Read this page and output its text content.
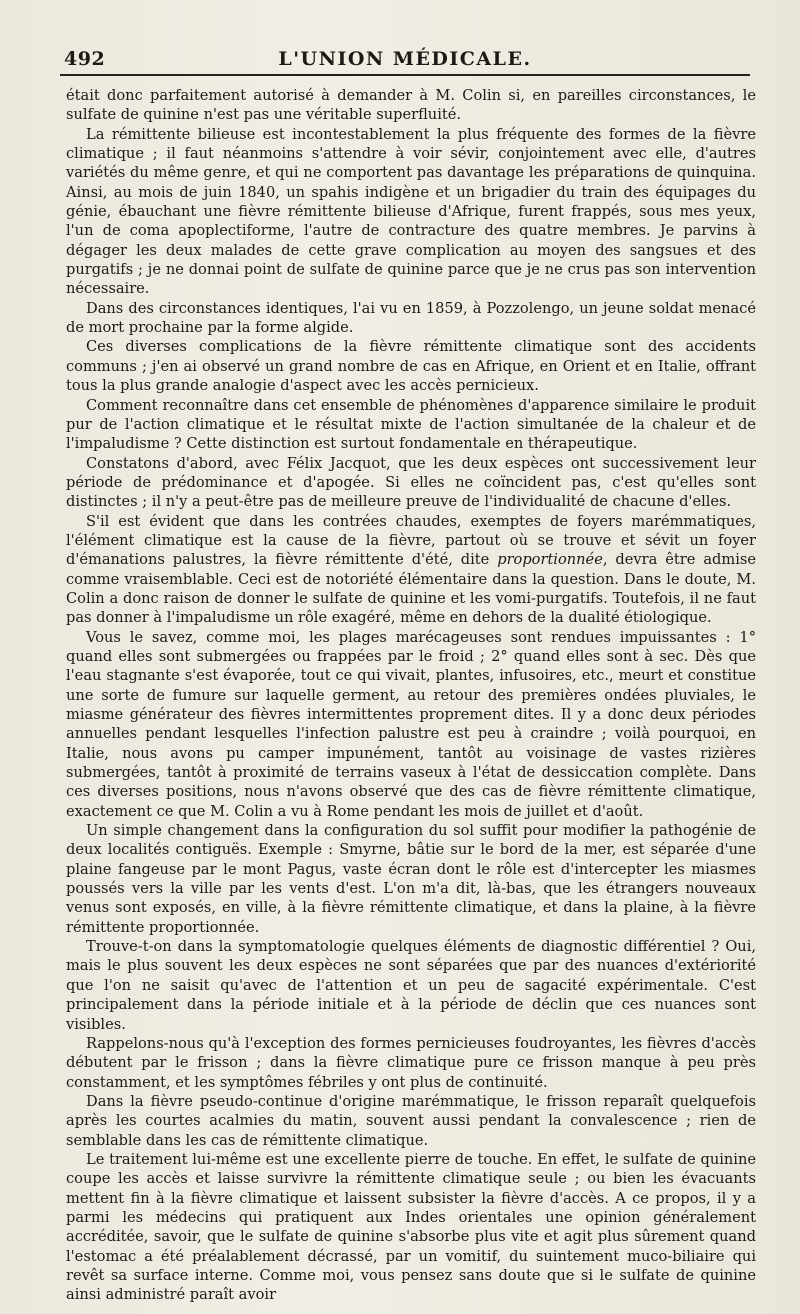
492	L'UNION MÉDICALE.

était donc parfaitement autorisé à demander à M. Colin si, en pareilles circonstances, le sulfate de quinine n'est pas une véritable superfluité.

La rémittente bilieuse est incontestablement la plus fréquente des formes de la fièvre climatique ; il faut néanmoins s'attendre à voir sévir, conjointement avec elle, d'autres variétés du même genre, et qui ne comportent pas davantage les préparations de quinquina. Ainsi, au mois de juin 1840, un spahis indigène et un brigadier du train des équipages du génie, ébauchant une fièvre rémittente bilieuse d'Afrique, furent frappés, sous mes yeux, l'un de coma apoplectiforme, l'autre de contracture des quatre membres. Je parvins à dégager les deux malades de cette grave complication au moyen des sangsues et des purgatifs ; je ne donnai point de sulfate de quinine parce que je ne crus pas son intervention nécessaire.

Dans des circonstances identiques, l'ai vu en 1859, à Pozzolengo, un jeune soldat menacé de mort prochaine par la forme algide.

Ces diverses complications de la fièvre rémittente climatique sont des accidents communs ; j'en ai observé un grand nombre de cas en Afrique, en Orient et en Italie, offrant tous la plus grande analogie d'aspect avec les accès pernicieux.

Comment reconnaître dans cet ensemble de phénomènes d'apparence similaire le produit pur de l'action climatique et le résultat mixte de l'action simultanée de la chaleur et de l'impaludisme ? Cette distinction est surtout fondamentale en thérapeutique.

Constatons d'abord, avec Félix Jacquot, que les deux espèces ont successivement leur période de prédominance et d'apogée. Si elles ne coïncident pas, c'est qu'elles sont distinctes ; il n'y a peut-être pas de meilleure preuve de l'individualité de chacune d'elles.

S'il est évident que dans les contrées chaudes, exemptes de foyers marémmatiques, l'élément climatique est la cause de la fièvre, partout où se trouve et sévit un foyer d'émanations palustres, la fièvre rémittente d'été, dite proportionnée, devra être admise comme vraisemblable. Ceci est de notoriété élémentaire dans la question. Dans le doute, M. Colin a donc raison de donner le sulfate de quinine et les vomi-purgatifs. Toutefois, il ne faut pas donner à l'impaludisme un rôle exagéré, même en dehors de la dualité étiologique.

Vous le savez, comme moi, les plages marécageuses sont rendues impuissantes : 1° quand elles sont submergées ou frappées par le froid ; 2° quand elles sont à sec. Dès que l'eau stagnante s'est évaporée, tout ce qui vivait, plantes, infusoires, etc., meurt et constitue une sorte de fumure sur laquelle germent, au retour des premières ondées pluviales, le miasme générateur des fièvres intermittentes proprement dites. Il y a donc deux périodes annuelles pendant lesquelles l'infection palustre est peu à craindre ; voilà pourquoi, en Italie, nous avons pu camper impunément, tantôt au voisinage de vastes rizières submergées, tantôt à proximité de terrains vaseux à l'état de dessiccation complète. Dans ces diverses positions, nous n'avons observé que des cas de fièvre rémittente climatique, exactement ce que M. Colin a vu à Rome pendant les mois de juillet et d'août.

Un simple changement dans la configuration du sol suffit pour modifier la pathogénie de deux localités contiguës. Exemple : Smyrne, bâtie sur le bord de la mer, est séparée d'une plaine fangeuse par le mont Pagus, vaste écran dont le rôle est d'intercepter les miasmes poussés vers la ville par les vents d'est. L'on m'a dit, là-bas, que les étrangers nouveaux venus sont exposés, en ville, à la fièvre rémittente climatique, et dans la plaine, à la fièvre rémittente proportionnée.

Trouve-t-on dans la symptomatologie quelques éléments de diagnostic différentiel ? Oui, mais le plus souvent les deux espèces ne sont séparées que par des nuances d'extériorité que l'on ne saisit qu'avec de l'attention et un peu de sagacité expérimentale. C'est principalement dans la période initiale et à la période de déclin que ces nuances sont visibles.

Rappelons-nous qu'à l'exception des formes pernicieuses foudroyantes, les fièvres d'accès débutent par le frisson ; dans la fièvre climatique pure ce frisson manque à peu près constamment, et les symptômes fébriles y ont plus de continuité.

Dans la fièvre pseudo-continue d'origine marémmatique, le frisson reparaît quelquefois après les courtes acalmies du matin, souvent aussi pendant la convalescence ; rien de semblable dans les cas de rémittente climatique.

Le traitement lui-même est une excellente pierre de touche. En effet, le sulfate de quinine coupe les accès et laisse survivre la rémittente climatique seule ; ou bien les évacuants mettent fin à la fièvre climatique et laissent subsister la fièvre d'accès. A ce propos, il y a parmi les médecins qui pratiquent aux Indes orientales une opinion généralement accréditée, savoir, que le sulfate de quinine s'absorbe plus vite et agit plus sûrement quand l'estomac a été préalablement décrassé, par un vomitif, du suintement muco-biliaire qui revêt sa surface interne. Comme moi, vous pensez sans doute que si le sulfate de quinine ainsi administré paraît avoir
